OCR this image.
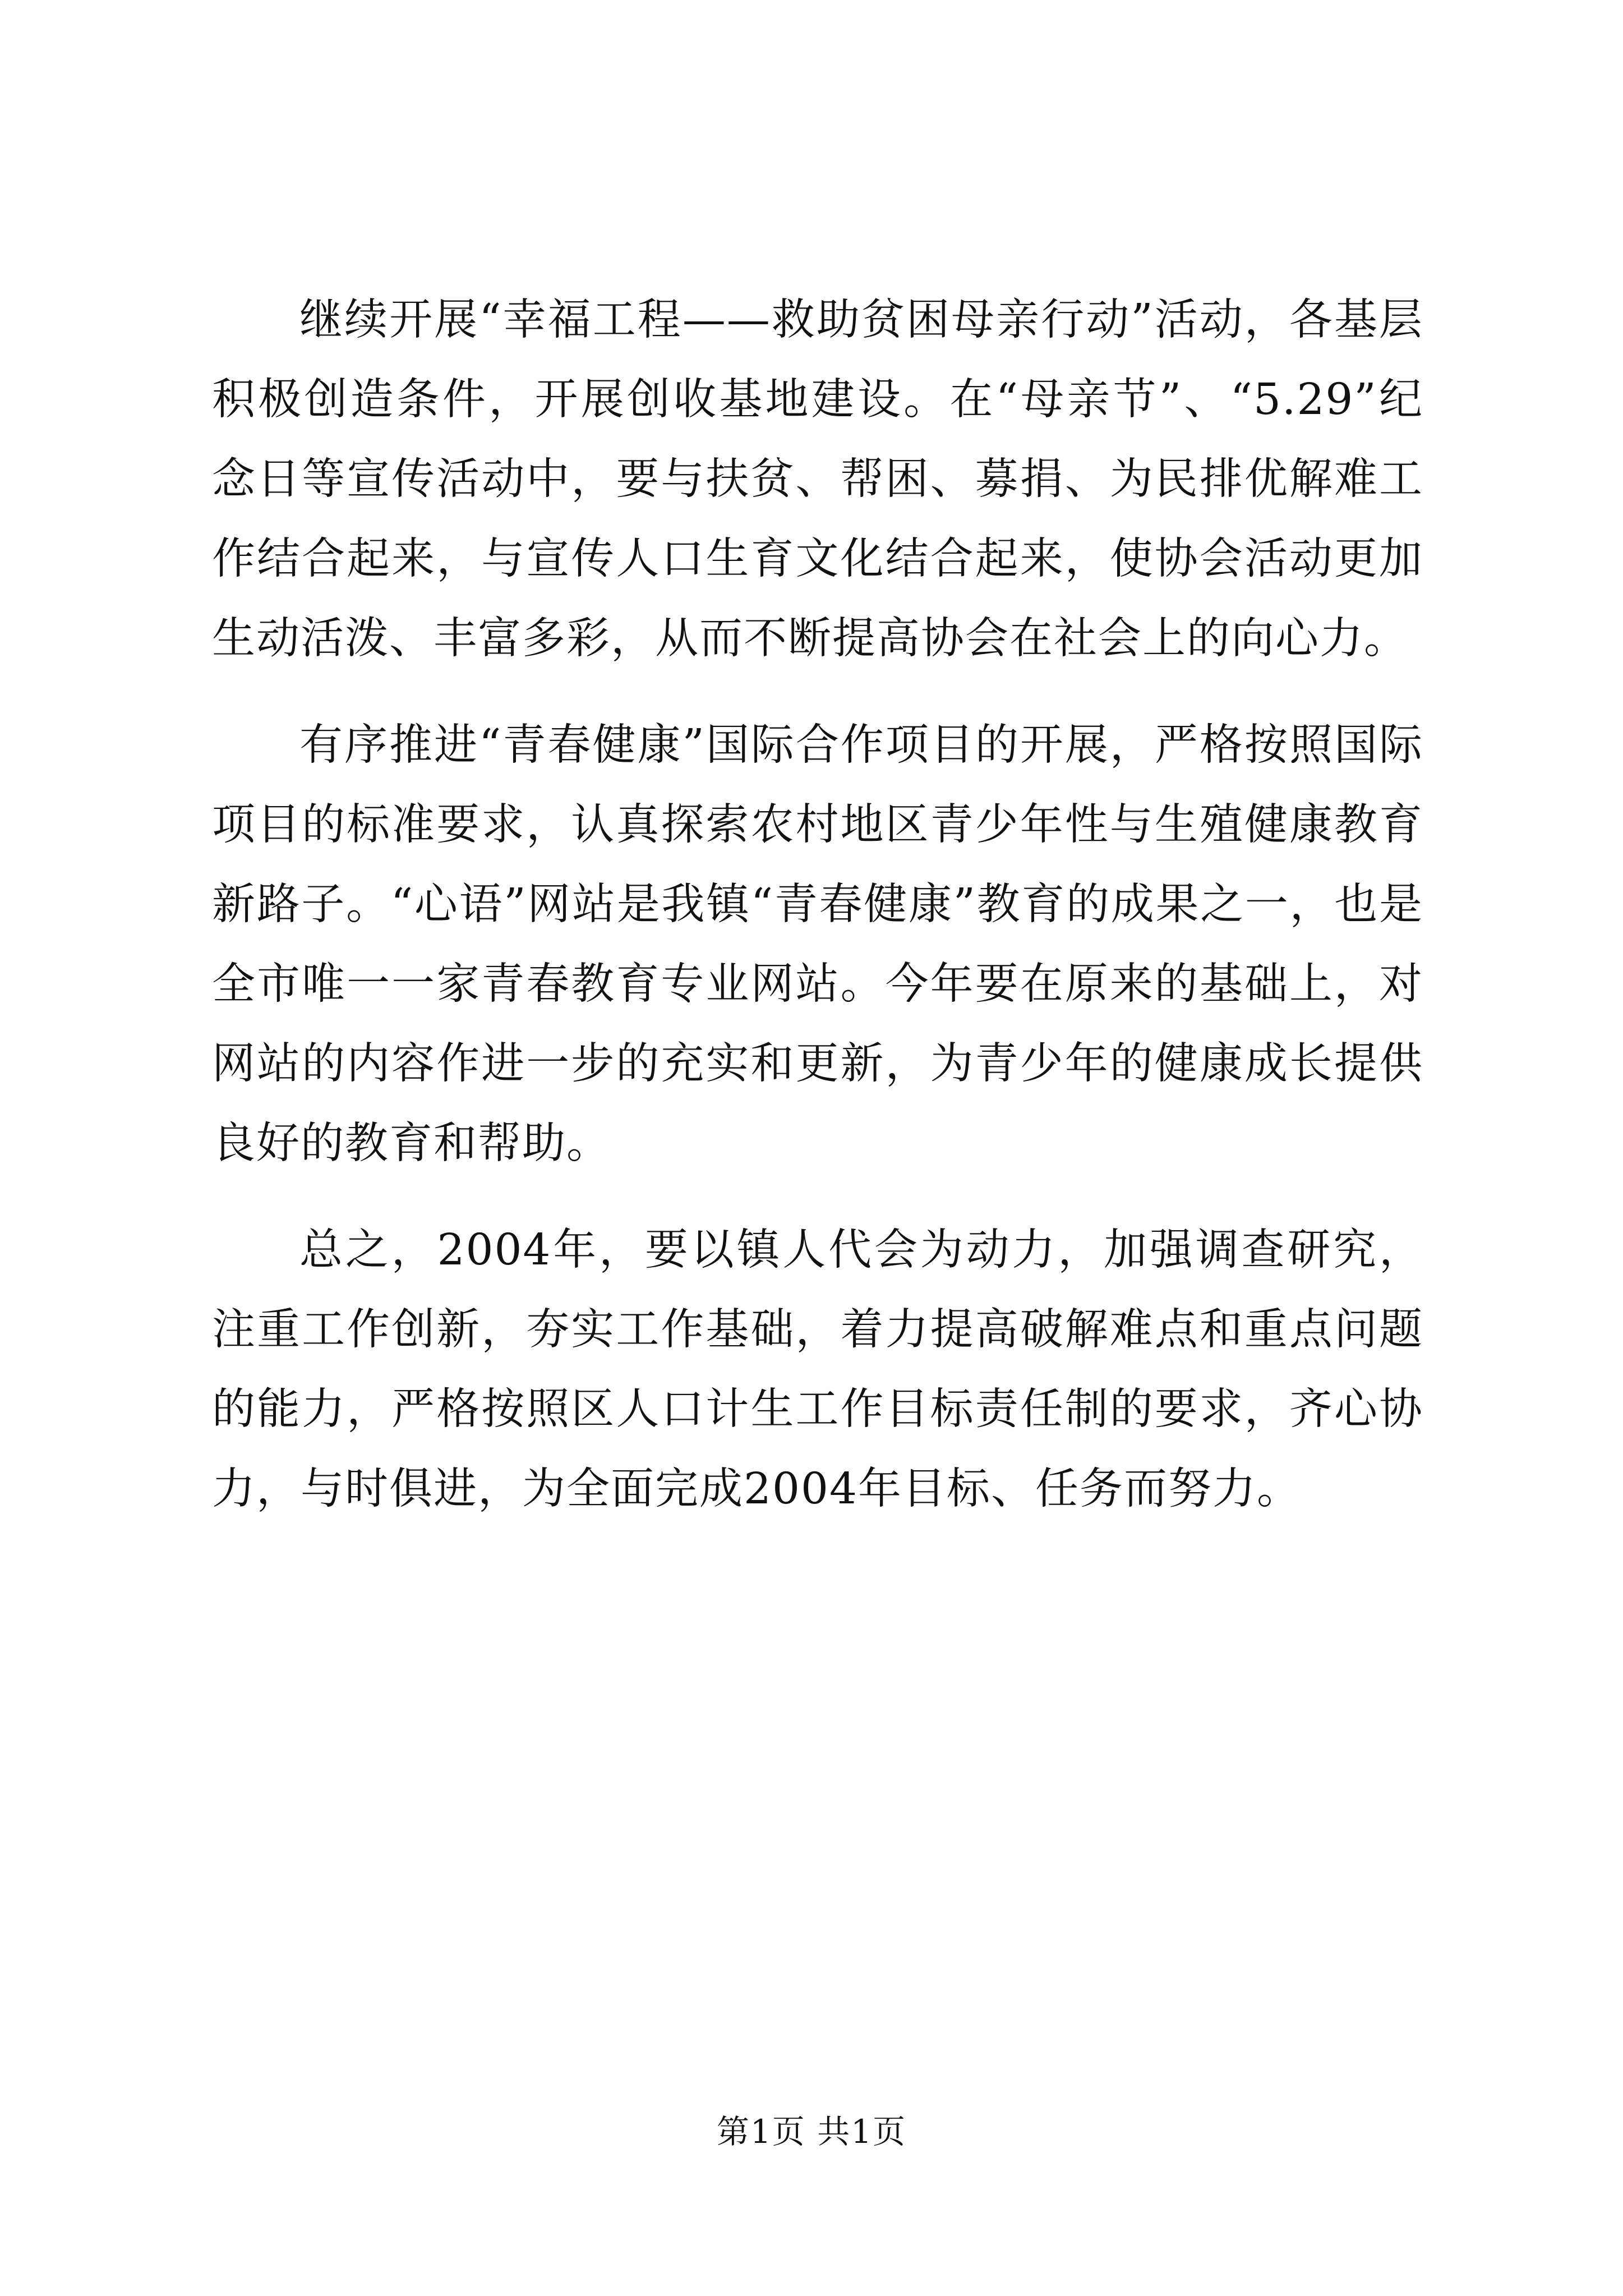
继续开展“幸福工程——救助贫困母亲行动”活动，各基层积极创造条件，开展创收基地建设。在“母亲节”、“5.29”纪念日等宣传活动中，要与扶贫、帮困、募捐、为民排优解难工作结合起来，与宣传人口生育文化结合起来，使协会活动更加生动活泼、丰富多彩，从而不断提高协会在社会上的向心力。

有序推进“青春健康”国际合作项目的开展，严格按照国际项目的标准要求，认真探索农村地区青少年性与生殖健康教育新路子。“心语”网站是我镇“青春健康”教育的成果之一，也是全市唯一一家青春教育专业网站。今年要在原来的基础上，对网站的内容作进一步的充实和更新，为青少年的健康成长提供良好的教育和帮助。

总之，2004年，要以镇人代会为动力，加强调查研究，注重工作创新，夯实工作基础，着力提高破解难点和重点问题的能力，严格按照区人口计生工作目标责任制的要求，齐心协力，与时俱进，为全面完成2004年目标、任务而努力。

第1页 共1页
